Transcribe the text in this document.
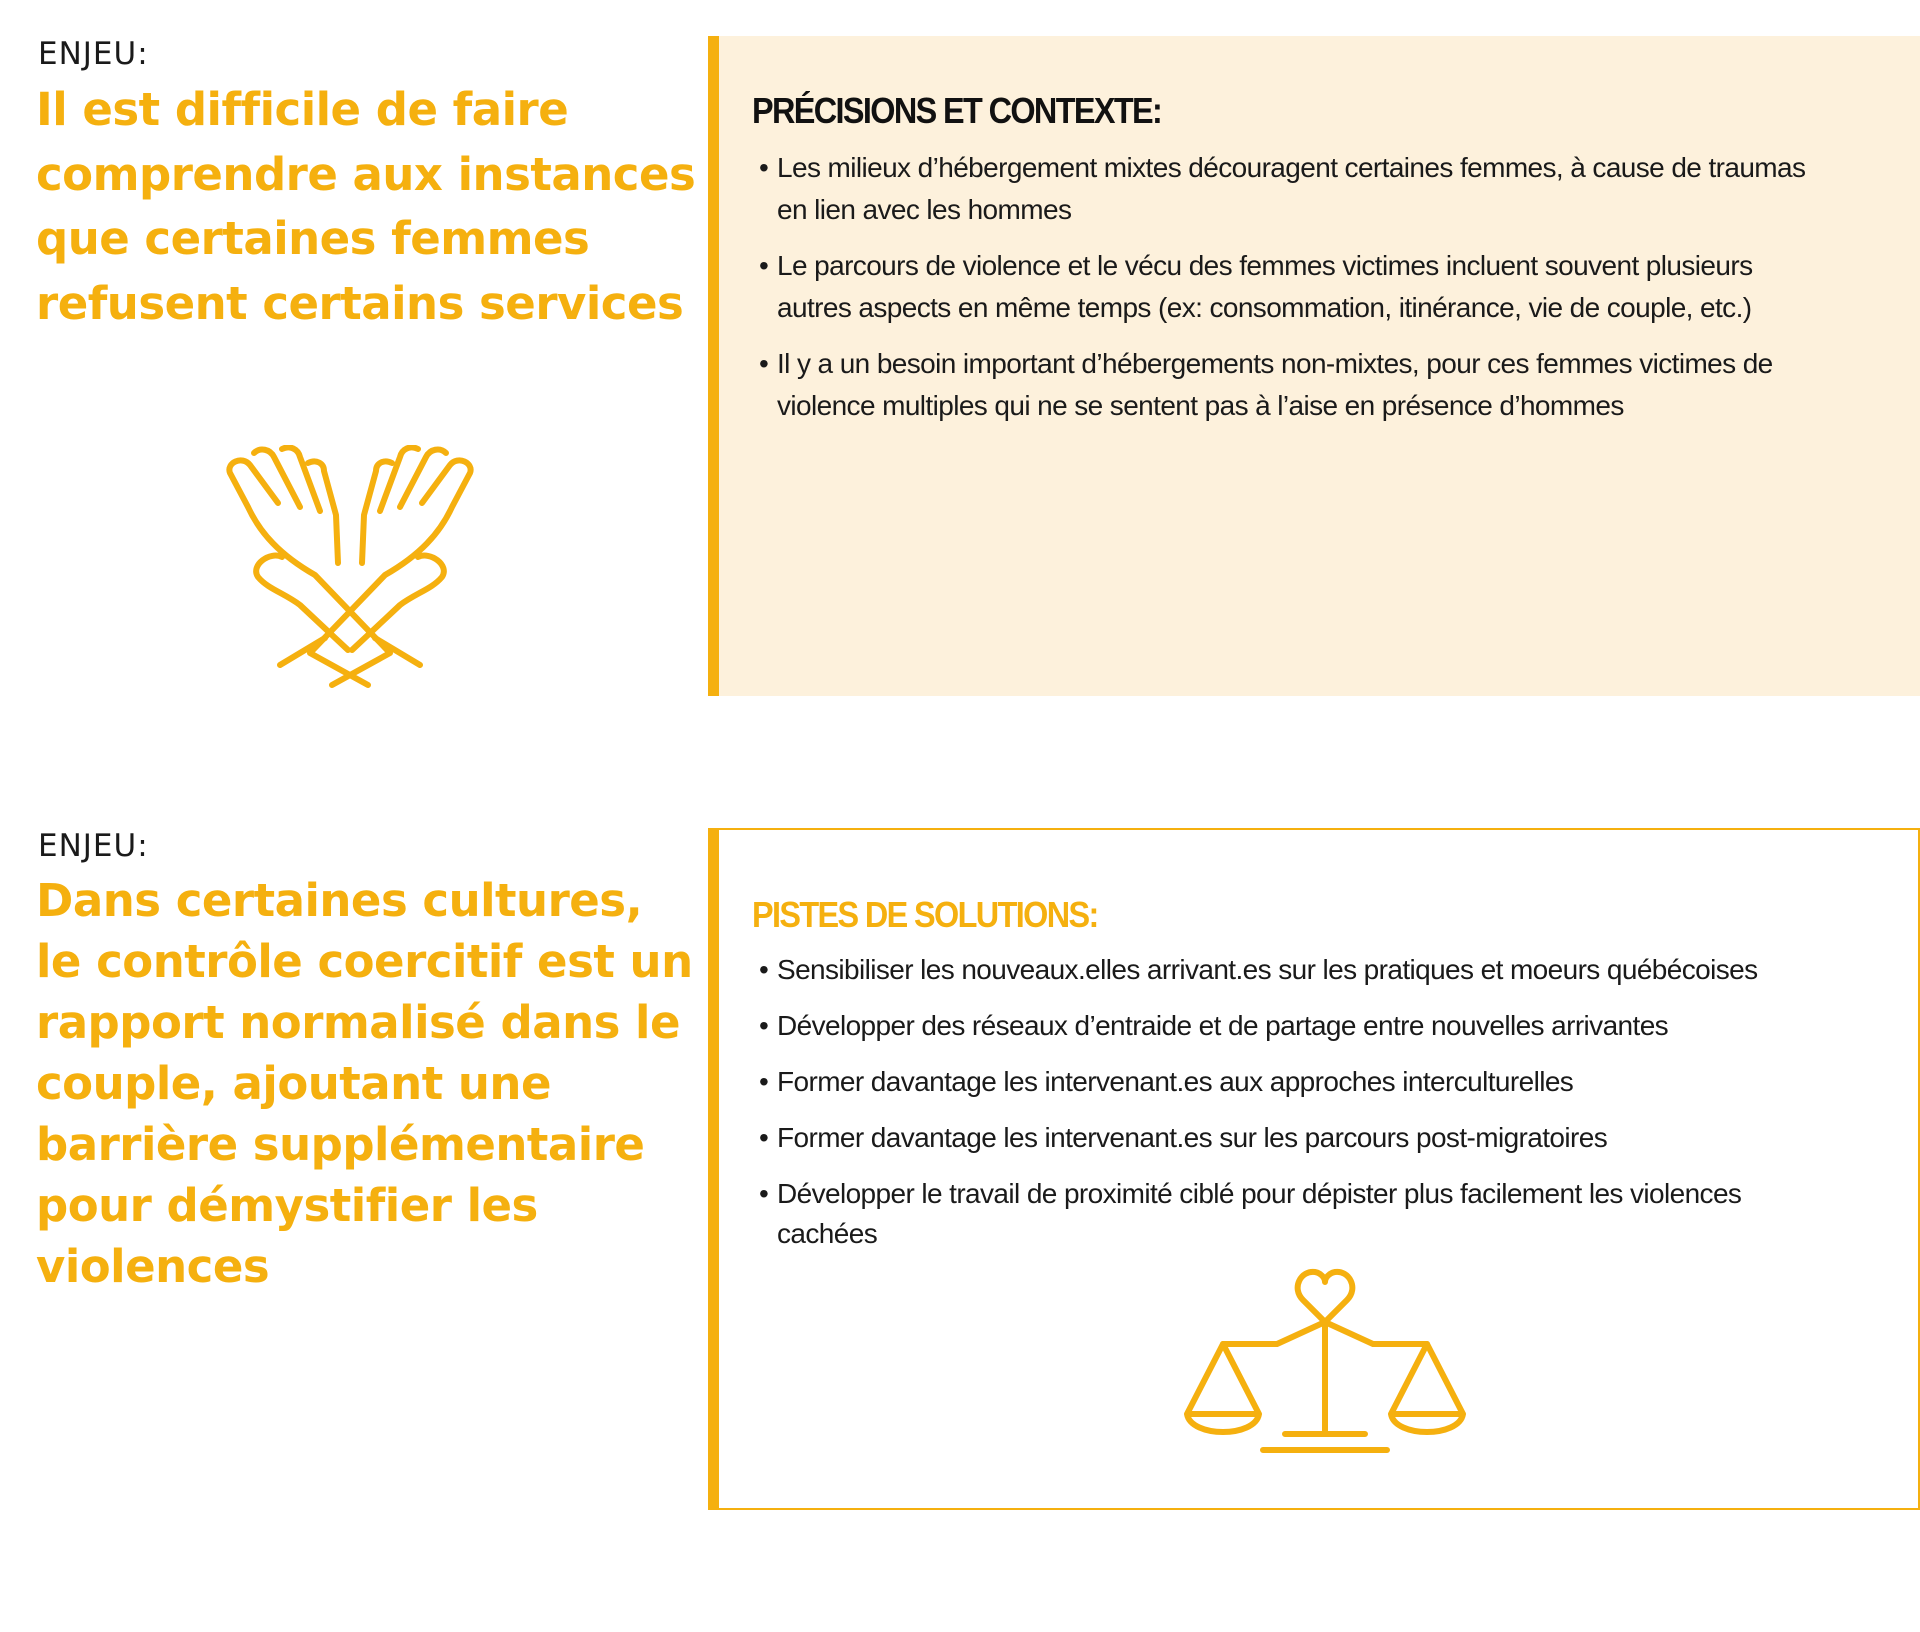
ENJEU:
Il est difficile de faire comprendre aux instances que certaines femmes refusent certains services
PRÉCISIONS ET CONTEXTE:
• Les milieux d’hébergement mixtes découragent certaines femmes, à cause de traumas en lien avec les hommes
• Le parcours de violence et le vécu des femmes victimes incluent souvent plusieurs autres aspects en même temps (ex: consommation, itinérance, vie de couple, etc.)
• Il y a un besoin important d’hébergements non-mixtes, pour ces femmes victimes de violence multiples qui ne se sentent pas à l’aise en présence d’hommes
ENJEU:
Dans certaines cultures, le contrôle coercitif est un rapport normalisé dans le couple, ajoutant une barrière supplémentaire pour démystifier les violences
PISTES DE SOLUTIONS:
• Sensibiliser les nouveaux.elles arrivant.es sur les pratiques et moeurs québécoises
• Développer des réseaux d’entraide et de partage entre nouvelles arrivantes
• Former davantage les intervenant.es aux approches interculturelles
• Former davantage les intervenant.es sur les parcours post-migratoires
• Développer le travail de proximité ciblé pour dépister plus facilement les violences cachées
